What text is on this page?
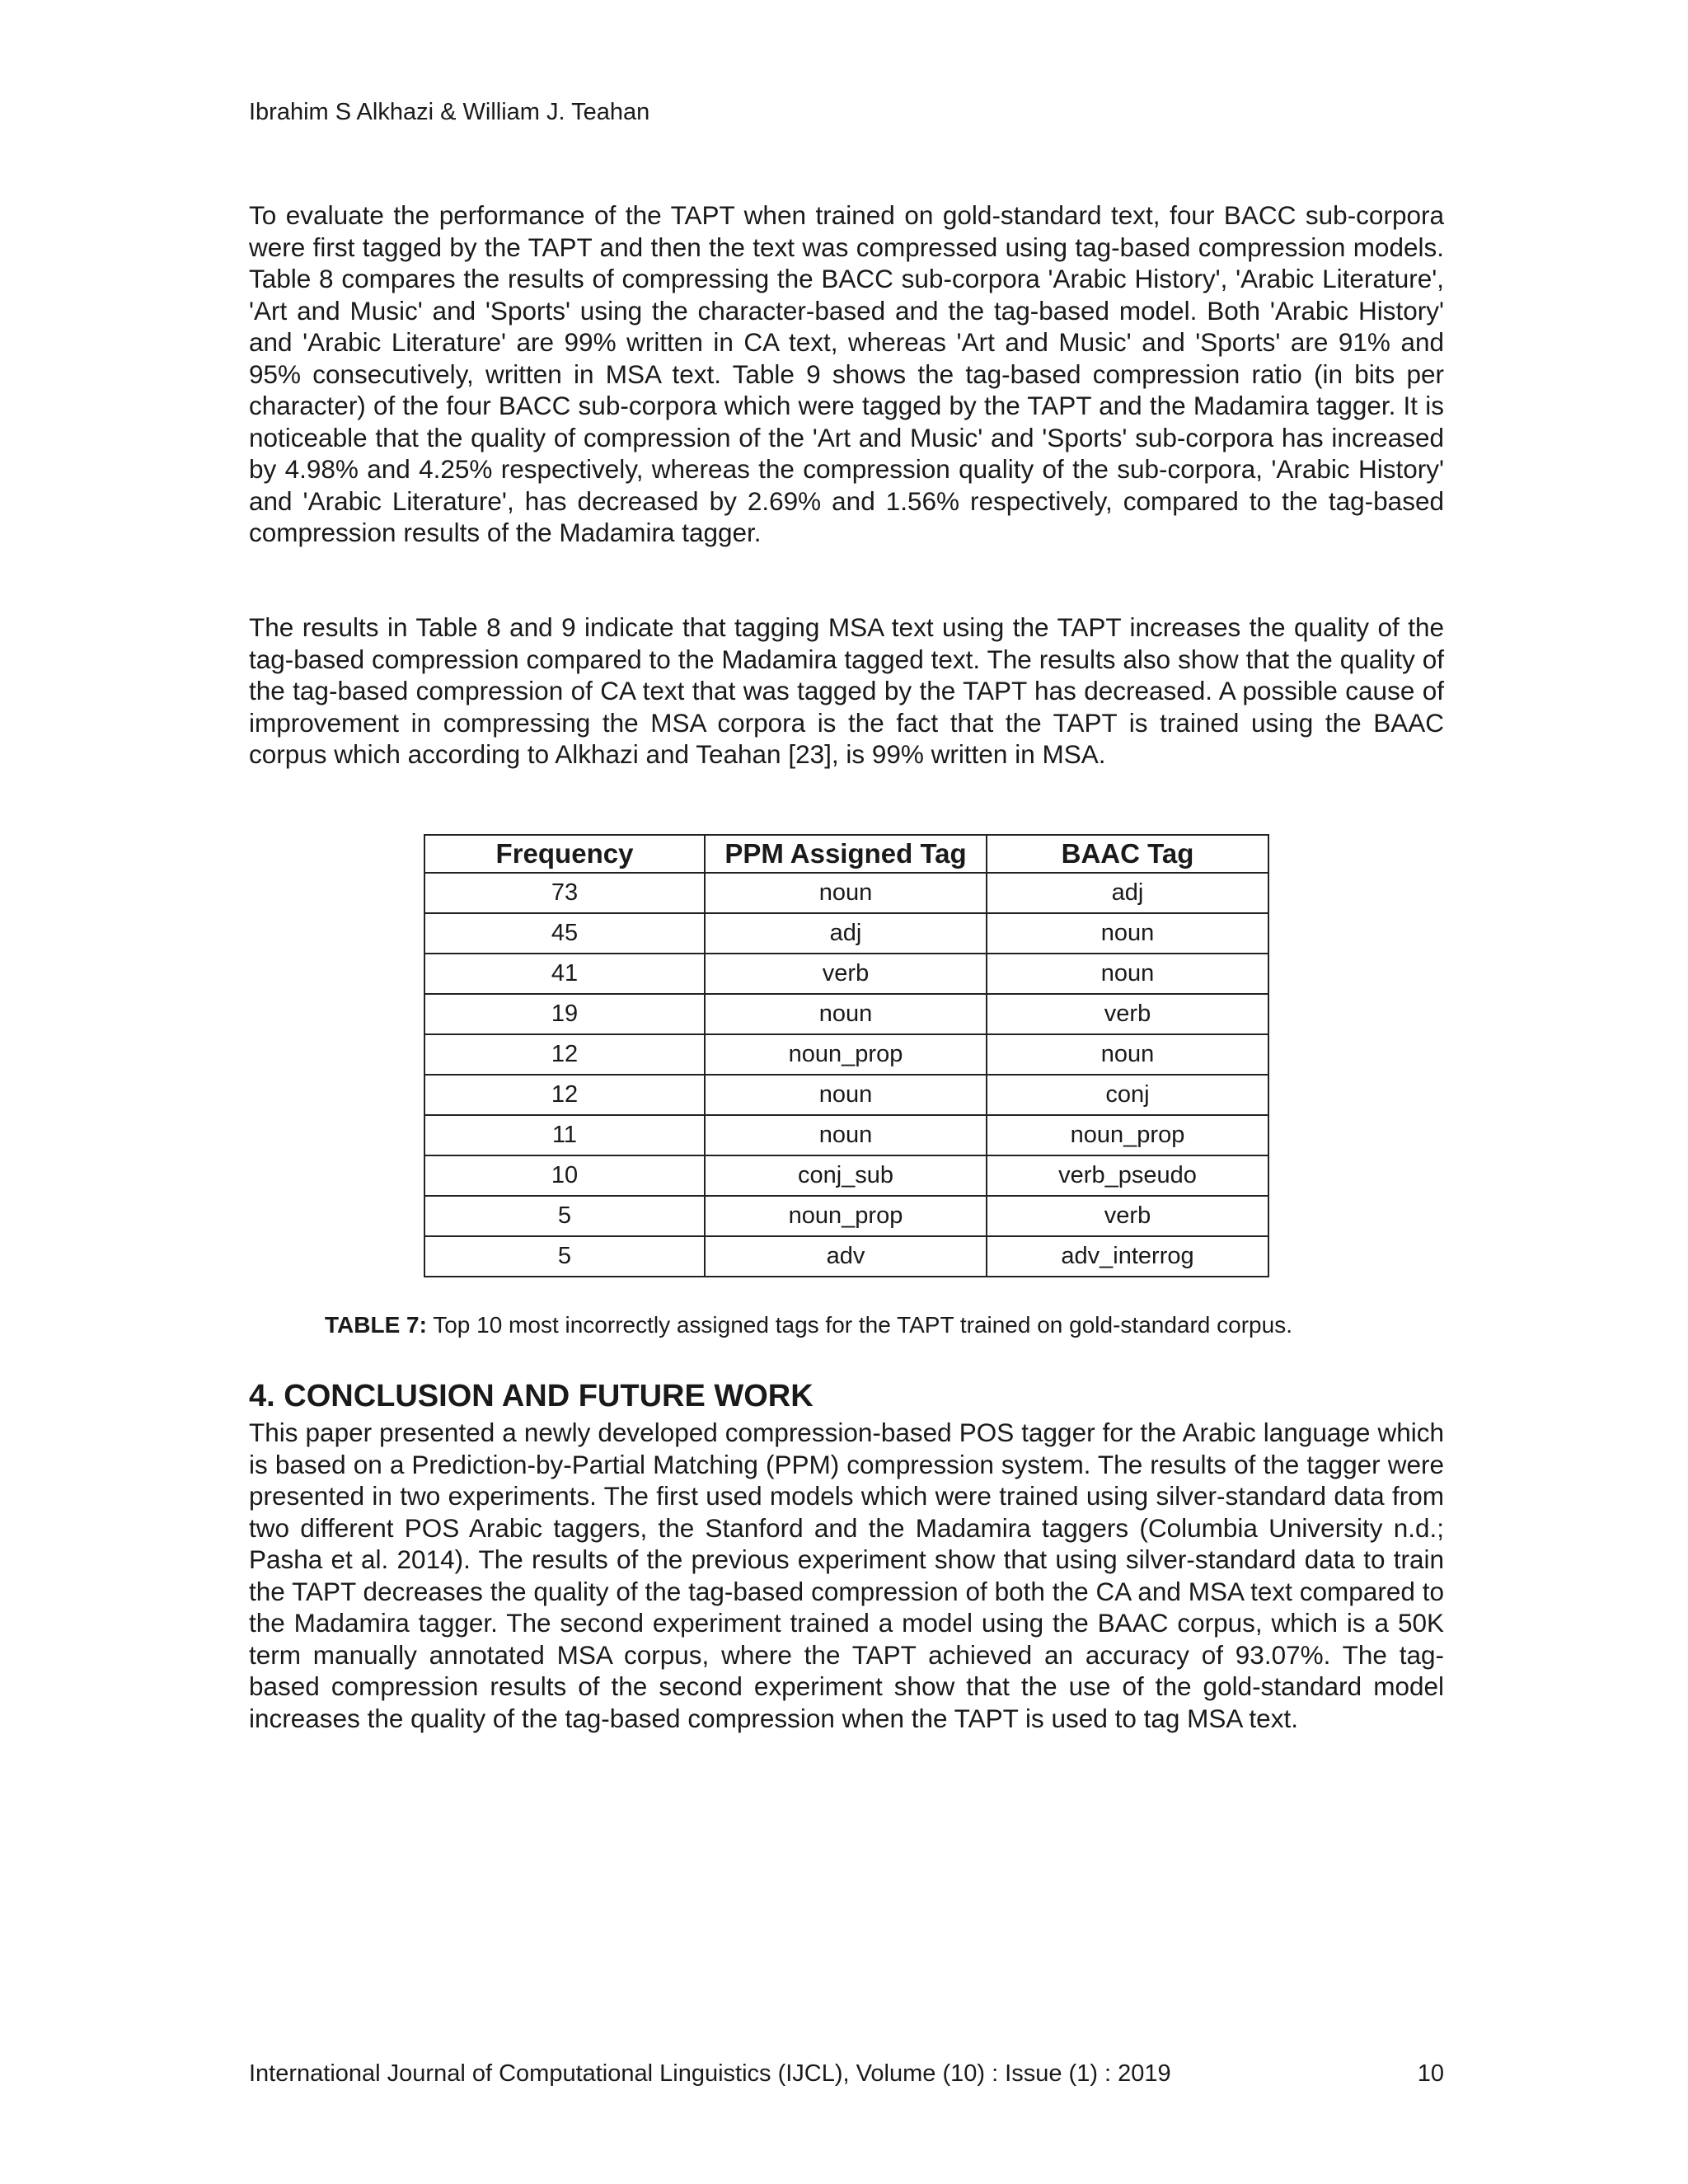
Ibrahim S Alkhazi & William J. Teahan

To evaluate the performance of the TAPT when trained on gold-standard text, four BACC sub-corpora were first tagged by the TAPT and then the text was compressed using tag-based compression models. Table 8 compares the results of compressing the BACC sub-corpora 'Arabic History', 'Arabic Literature', 'Art and Music' and 'Sports' using the character-based and the tag-based model. Both 'Arabic History' and 'Arabic Literature' are 99% written in CA text, whereas 'Art and Music' and 'Sports' are 91% and 95% consecutively, written in MSA text. Table 9 shows the tag-based compression ratio (in bits per character) of the four BACC sub-corpora which were tagged by the TAPT and the Madamira tagger. It is noticeable that the quality of compression of the 'Art and Music' and 'Sports' sub-corpora has increased by 4.98% and 4.25% respectively, whereas the compression quality of the sub-corpora, 'Arabic History' and 'Arabic Literature', has decreased by 2.69% and 1.56% respectively, compared to the tag-based compression results of the Madamira tagger.

The results in Table 8 and 9 indicate that tagging MSA text using the TAPT increases the quality of the tag-based compression compared to the Madamira tagged text. The results also show that the quality of the tag-based compression of CA text that was tagged by the TAPT has decreased. A possible cause of improvement in compressing the MSA corpora is the fact that the TAPT is trained using the BAAC corpus which according to Alkhazi and Teahan [23], is 99% written in MSA.

Frequency	PPM Assigned Tag	BAAC Tag
73	noun	adj
45	adj	noun
41	verb	noun
19	noun	verb
12	noun_prop	noun
12	noun	conj
11	noun	noun_prop
10	conj_sub	verb_pseudo
5	noun_prop	verb
5	adv	adv_interrog
TABLE 7: Top 10 most incorrectly assigned tags for the TAPT trained on gold-standard corpus.
4. CONCLUSION AND FUTURE WORK

This paper presented a newly developed compression-based POS tagger for the Arabic language which is based on a Prediction-by-Partial Matching (PPM) compression system. The results of the tagger were presented in two experiments. The first used models which were trained using silver-standard data from two different POS Arabic taggers, the Stanford and the Madamira taggers (Columbia University n.d.; Pasha et al. 2014). The results of the previous experiment show that using silver-standard data to train the TAPT decreases the quality of the tag-based compression of both the CA and MSA text compared to the Madamira tagger. The second experiment trained a model using the BAAC corpus, which is a 50K term manually annotated MSA corpus, where the TAPT achieved an accuracy of 93.07%. The tag-based compression results of the second experiment show that the use of the gold-standard model increases the quality of the tag-based compression when the TAPT is used to tag MSA text.

International Journal of Computational Linguistics (IJCL), Volume (10) : Issue (1) : 2019	10
